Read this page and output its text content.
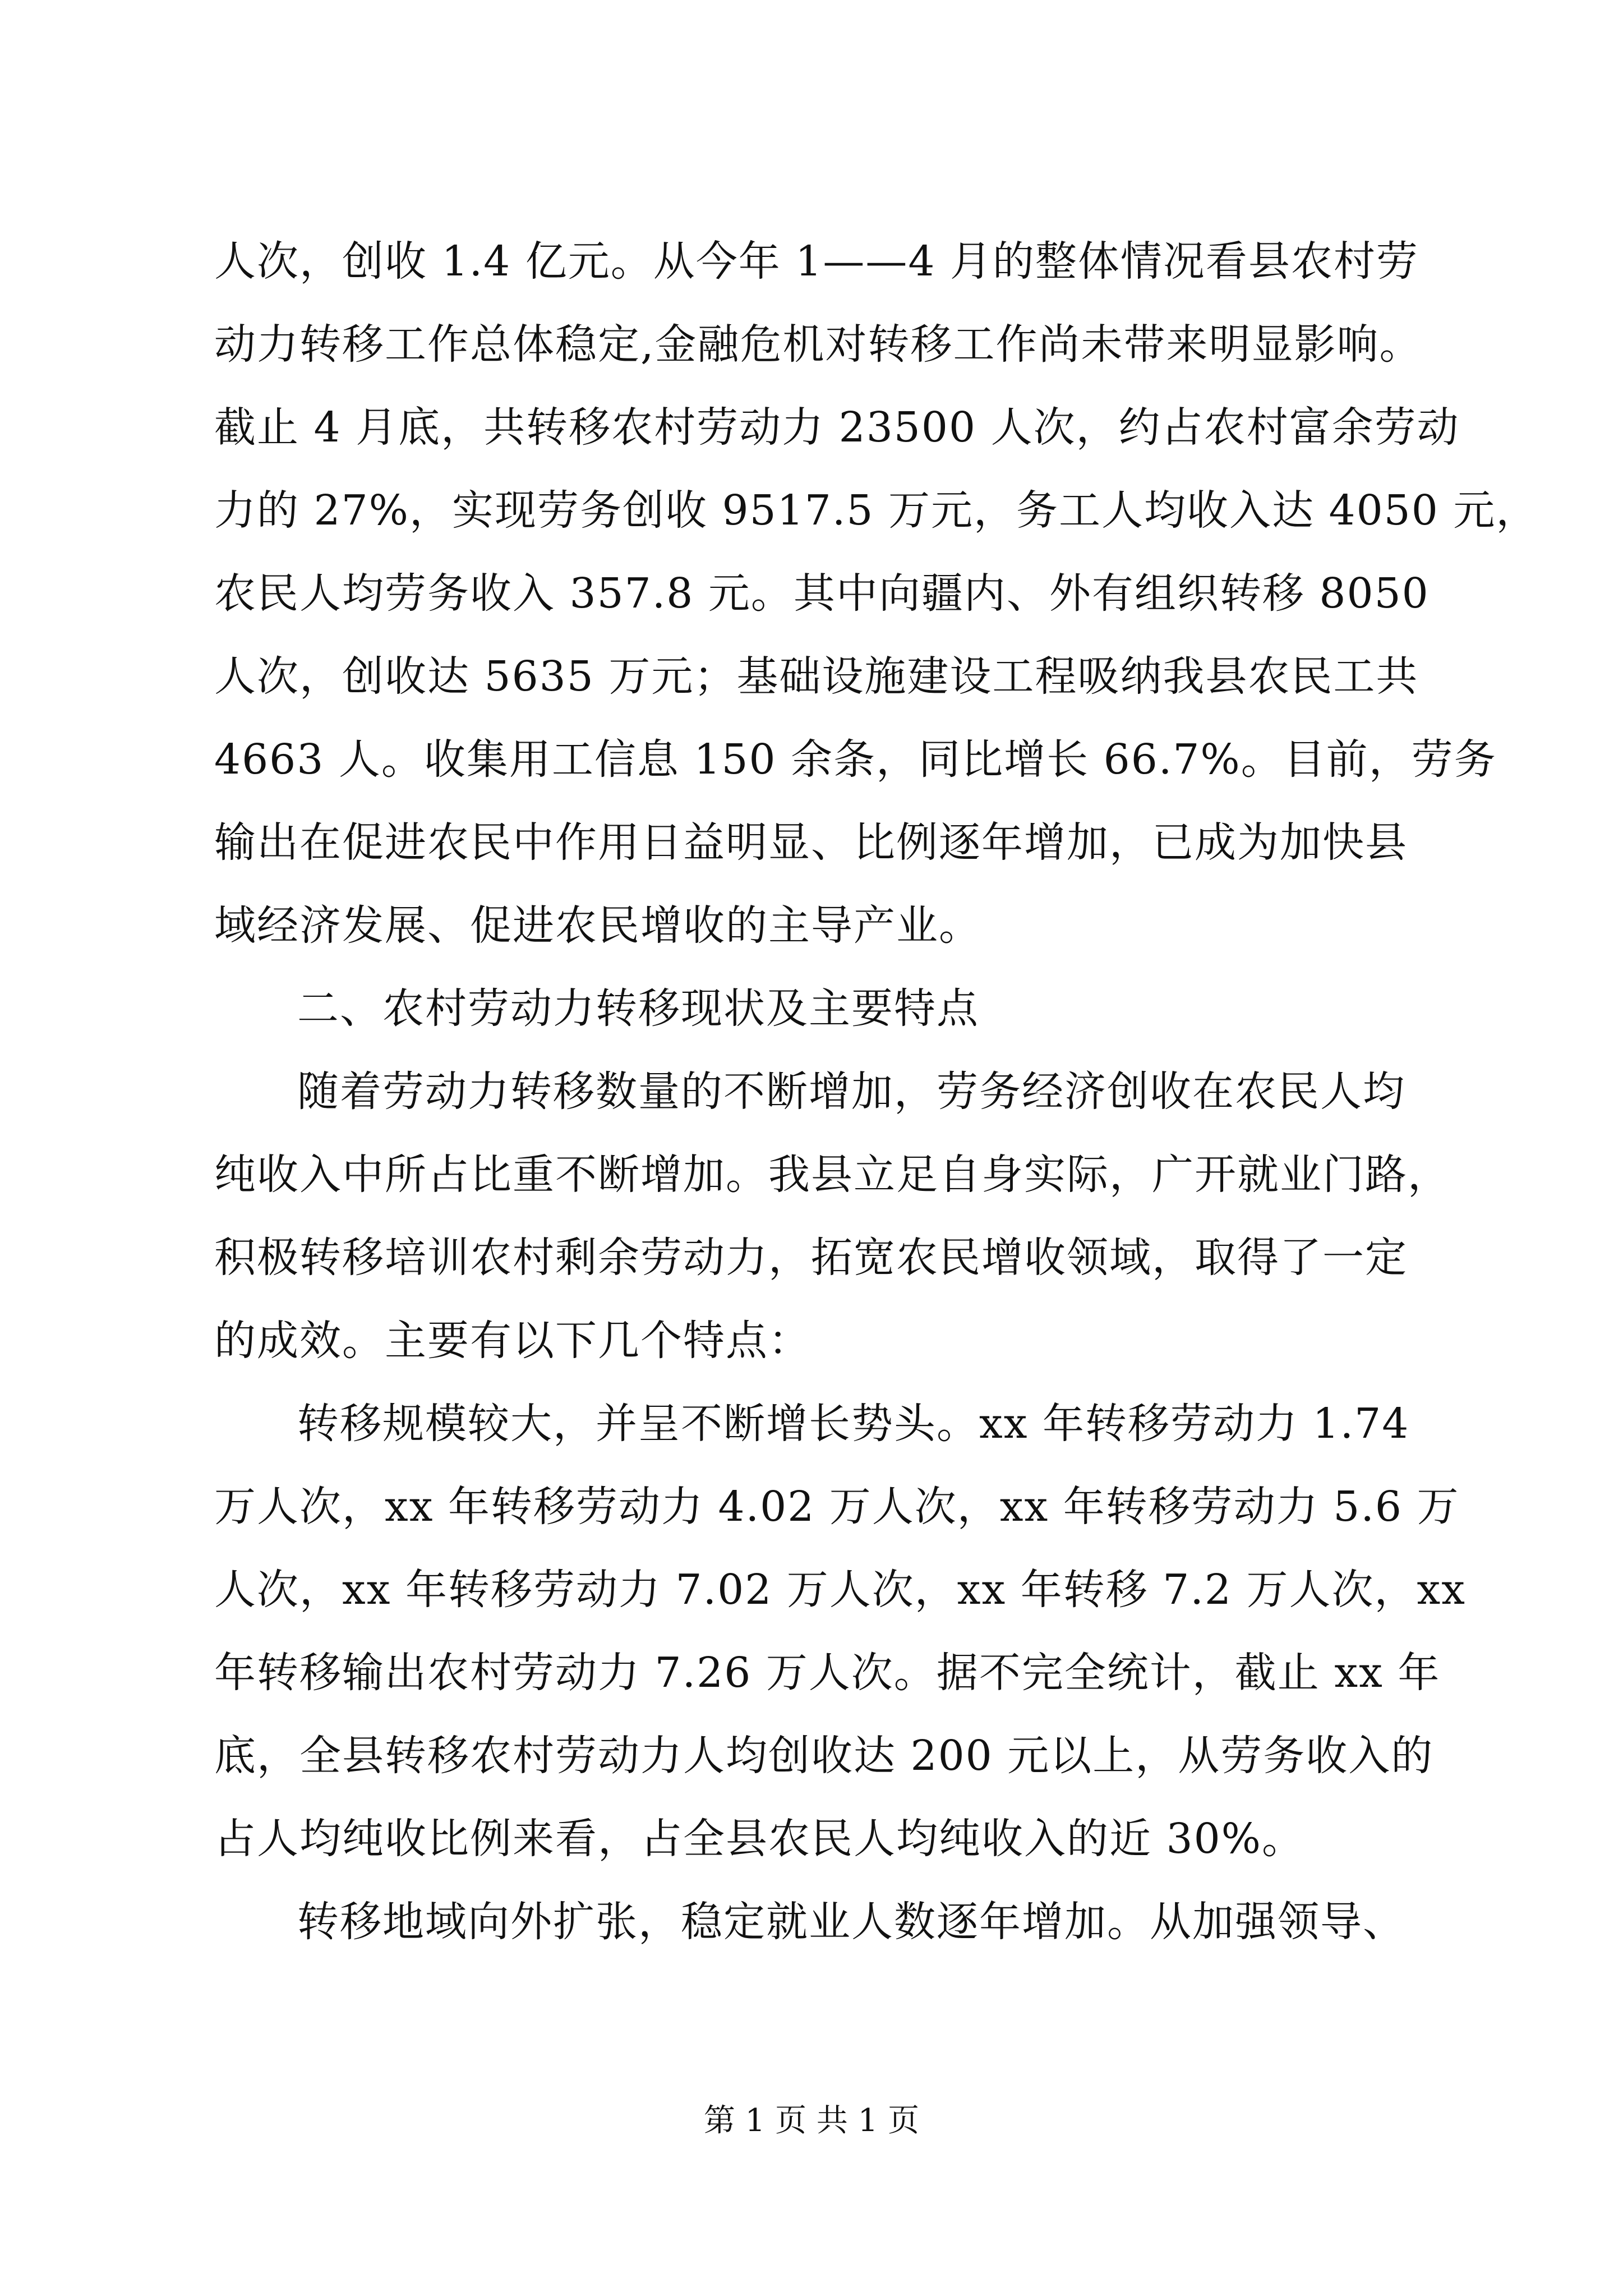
人次，创收 1.4 亿元。从今年 1——4 月的整体情况看县农村劳
动力转移工作总体稳定,金融危机对转移工作尚未带来明显影响。
截止 4 月底，共转移农村劳动力 23500 人次，约占农村富余劳动
力的 27%，实现劳务创收 9517.5 万元，务工人均收入达 4050 元，
农民人均劳务收入 357.8 元。其中向疆内、外有组织转移 8050
人次，创收达 5635 万元；基础设施建设工程吸纳我县农民工共
4663 人。收集用工信息 150 余条，同比增长 66.7%。目前，劳务
输出在促进农民中作用日益明显、比例逐年增加，已成为加快县
域经济发展、促进农民增收的主导产业。
二、农村劳动力转移现状及主要特点
随着劳动力转移数量的不断增加，劳务经济创收在农民人均
纯收入中所占比重不断增加。我县立足自身实际，广开就业门路，
积极转移培训农村剩余劳动力，拓宽农民增收领域，取得了一定
的成效。主要有以下几个特点：
转移规模较大，并呈不断增长势头。xx 年转移劳动力 1.74
万人次，xx 年转移劳动力 4.02 万人次，xx 年转移劳动力 5.6 万
人次，xx 年转移劳动力 7.02 万人次，xx 年转移 7.2 万人次，xx
年转移输出农村劳动力 7.26 万人次。据不完全统计，截止 xx 年
底，全县转移农村劳动力人均创收达 200 元以上，从劳务收入的
占人均纯收比例来看，占全县农民人均纯收入的近 30%。
转移地域向外扩张，稳定就业人数逐年增加。从加强领导、
第 1 页 共 1 页
